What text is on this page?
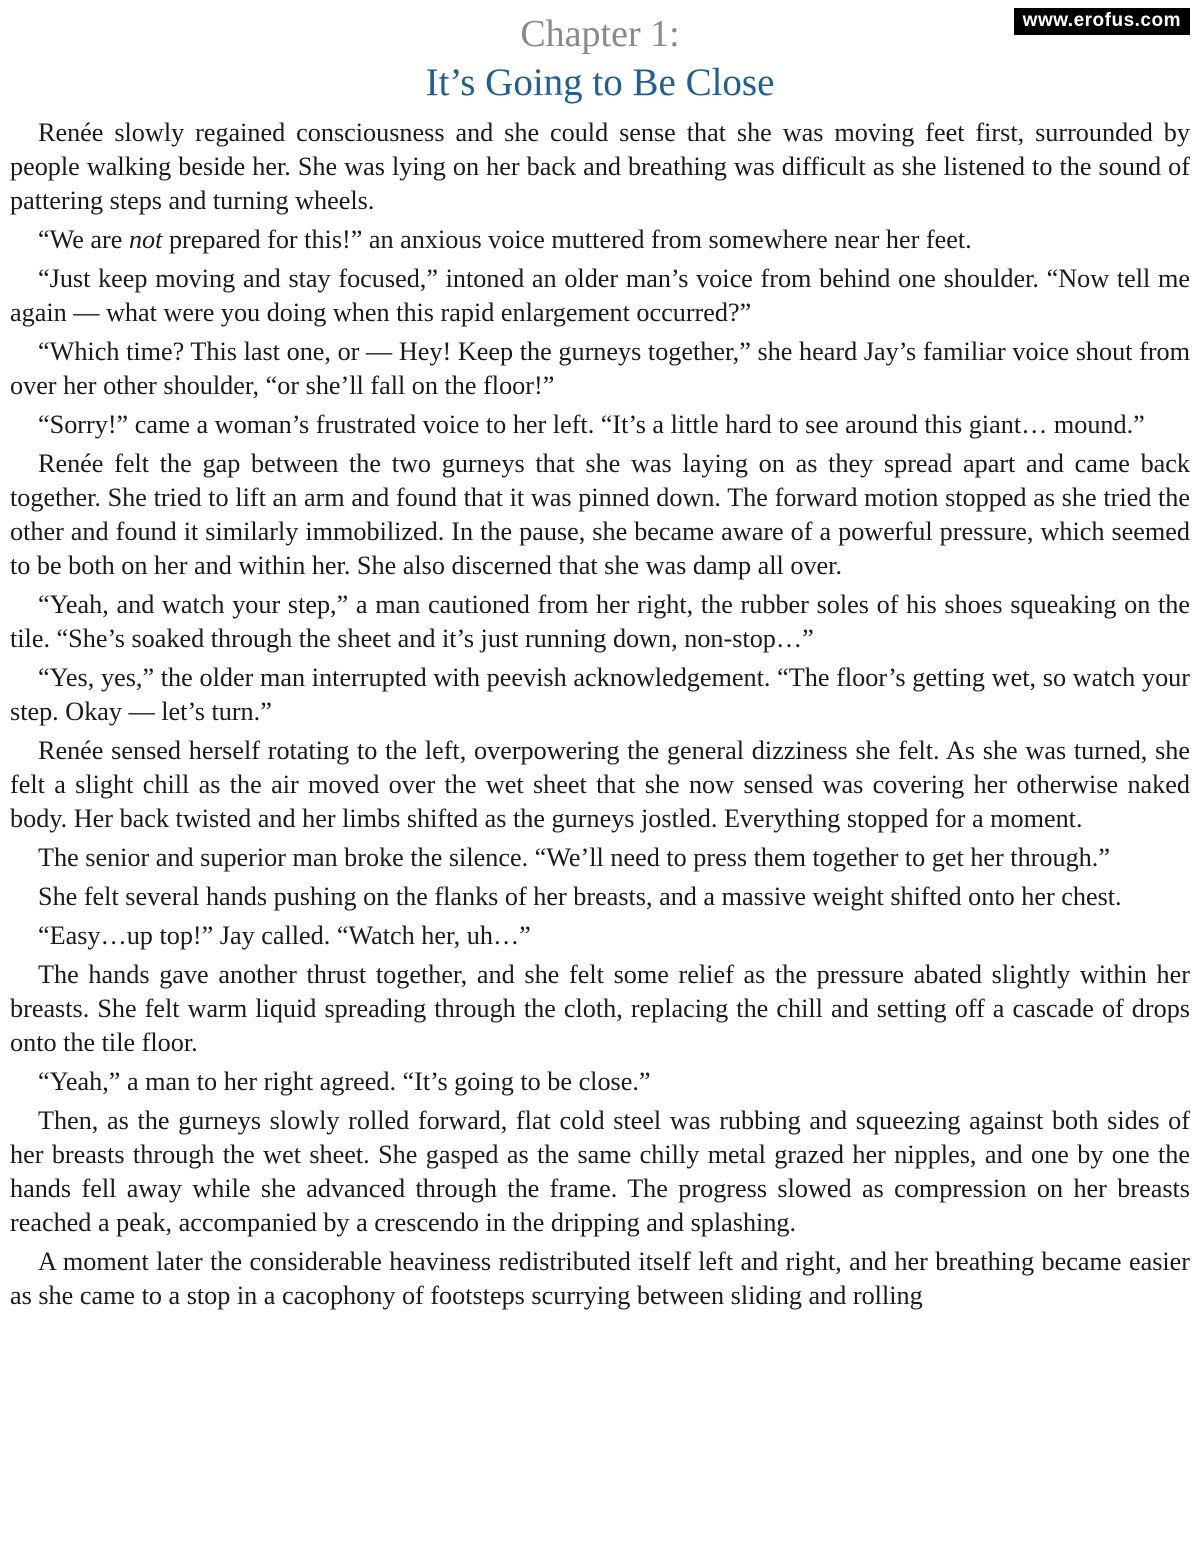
www.erofus.com
Chapter 1:
It’s Going to Be Close

Renée slowly regained consciousness and she could sense that she was moving feet first, surrounded by people walking beside her. She was lying on her back and breathing was difficult as she listened to the sound of pattering steps and turning wheels.

“We are not prepared for this!” an anxious voice muttered from somewhere near her feet.

“Just keep moving and stay focused,” intoned an older man’s voice from behind one shoulder. “Now tell me again — what were you doing when this rapid enlargement occurred?”

“Which time? This last one, or — Hey! Keep the gurneys together,” she heard Jay’s familiar voice shout from over her other shoulder, “or she’ll fall on the floor!”

“Sorry!” came a woman’s frustrated voice to her left. “It’s a little hard to see around this giant… mound.”

Renée felt the gap between the two gurneys that she was laying on as they spread apart and came back together. She tried to lift an arm and found that it was pinned down. The forward motion stopped as she tried the other and found it similarly immobilized. In the pause, she became aware of a powerful pressure, which seemed to be both on her and within her. She also discerned that she was damp all over.

“Yeah, and watch your step,” a man cautioned from her right, the rubber soles of his shoes squeaking on the tile. “She’s soaked through the sheet and it’s just running down, non-stop…”

“Yes, yes,” the older man interrupted with peevish acknowledgement. “The floor’s getting wet, so watch your step. Okay — let’s turn.”

Renée sensed herself rotating to the left, overpowering the general dizziness she felt. As she was turned, she felt a slight chill as the air moved over the wet sheet that she now sensed was covering her otherwise naked body. Her back twisted and her limbs shifted as the gurneys jostled. Everything stopped for a moment.

The senior and superior man broke the silence. “We’ll need to press them together to get her through.”

She felt several hands pushing on the flanks of her breasts, and a massive weight shifted onto her chest.

“Easy…up top!” Jay called. “Watch her, uh…”

The hands gave another thrust together, and she felt some relief as the pressure abated slightly within her breasts. She felt warm liquid spreading through the cloth, replacing the chill and setting off a cascade of drops onto the tile floor.

“Yeah,” a man to her right agreed. “It’s going to be close.”

Then, as the gurneys slowly rolled forward, flat cold steel was rubbing and squeezing against both sides of her breasts through the wet sheet. She gasped as the same chilly metal grazed her nipples, and one by one the hands fell away while she advanced through the frame. The progress slowed as compression on her breasts reached a peak, accompanied by a crescendo in the dripping and splashing.

A moment later the considerable heaviness redistributed itself left and right, and her breathing became easier as she came to a stop in a cacophony of footsteps scurrying between sliding and rolling
